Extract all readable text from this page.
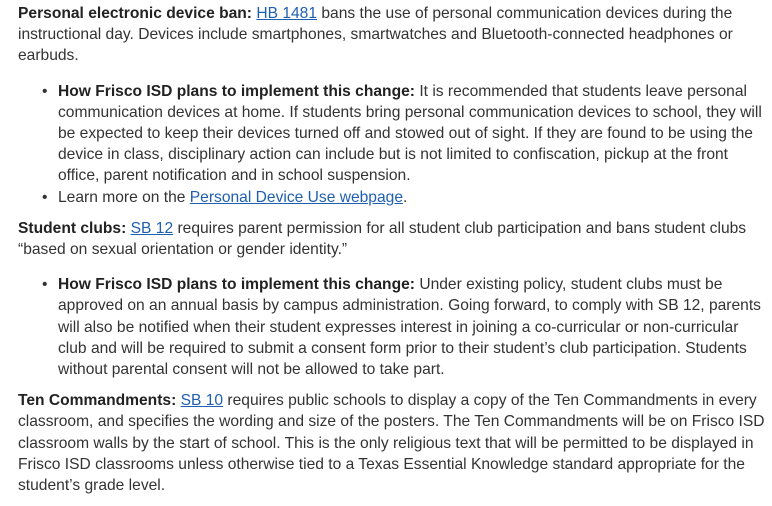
Personal electronic device ban: HB 1481 bans the use of personal communication devices during the instructional day. Devices include smartphones, smartwatches and Bluetooth-connected headphones or earbuds.

• How Frisco ISD plans to implement this change: It is recommended that students leave personal communication devices at home. If students bring personal communication devices to school, they will be expected to keep their devices turned off and stowed out of sight. If they are found to be using the device in class, disciplinary action can include but is not limited to confiscation, pickup at the front office, parent notification and in school suspension.
• Learn more on the Personal Device Use webpage.

Student clubs: SB 12 requires parent permission for all student club participation and bans student clubs “based on sexual orientation or gender identity.”

• How Frisco ISD plans to implement this change: Under existing policy, student clubs must be approved on an annual basis by campus administration. Going forward, to comply with SB 12, parents will also be notified when their student expresses interest in joining a co-curricular or non-curricular club and will be required to submit a consent form prior to their student’s club participation. Students without parental consent will not be allowed to take part.

Ten Commandments: SB 10 requires public schools to display a copy of the Ten Commandments in every classroom, and specifies the wording and size of the posters. The Ten Commandments will be on Frisco ISD classroom walls by the start of school. This is the only religious text that will be permitted to be displayed in Frisco ISD classrooms unless otherwise tied to a Texas Essential Knowledge standard appropriate for the student’s grade level.
